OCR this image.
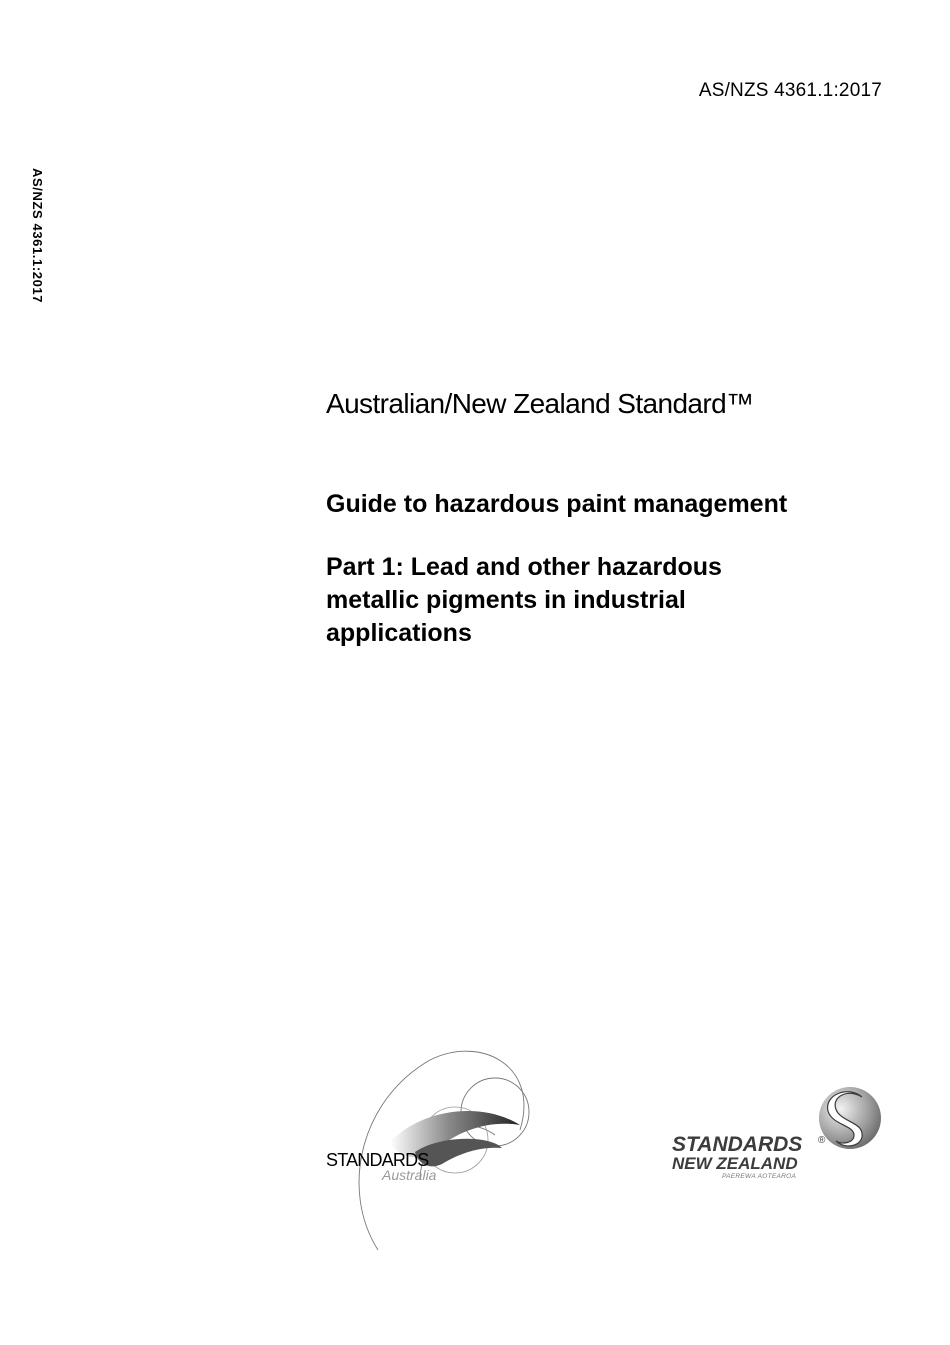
AS/NZS 4361.1:2017
AS/NZS 4361.1:2017
Australian/New Zealand Standard™
Guide to hazardous paint management
Part 1: Lead and other hazardous
metallic pigments in industrial
applications
STANDARDS
Australia
STANDARDS ®
NEW ZEALAND
PAEREWA AOTEAROA
